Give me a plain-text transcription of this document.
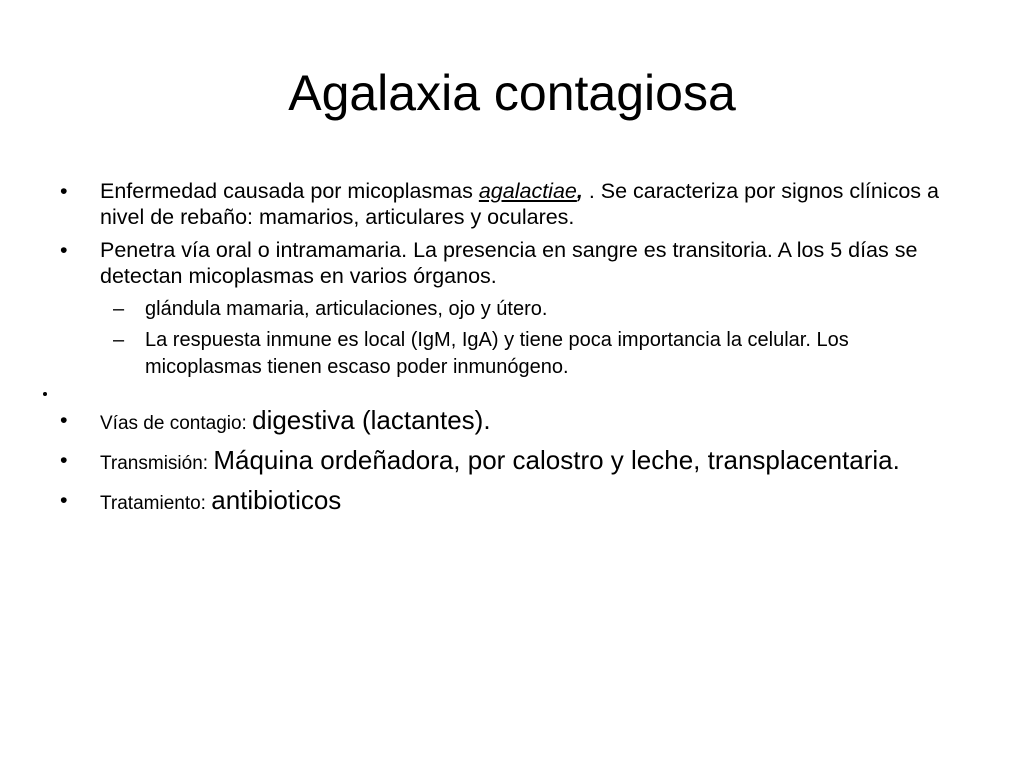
Agalaxia contagiosa
•	Enfermedad causada por micoplasmas agalactiae, . Se caracteriza por signos clínicos a nivel de rebaño: mamarios, articulares y oculares.
•	Penetra vía oral o intramamaria. La presencia en sangre es transitoria. A los 5 días se detectan micoplasmas en varios órganos.
–	glándula mamaria, articulaciones, ojo y útero.
–	La respuesta inmune es local (IgM, IgA) y tiene poca importancia la celular. Los micoplasmas tienen escaso poder inmunógeno.
•
•	Vías de contagio: digestiva (lactantes).
•	Transmisión: Máquina ordeñadora, por calostro y leche, transplacentaria.
•	Tratamiento: antibioticos
